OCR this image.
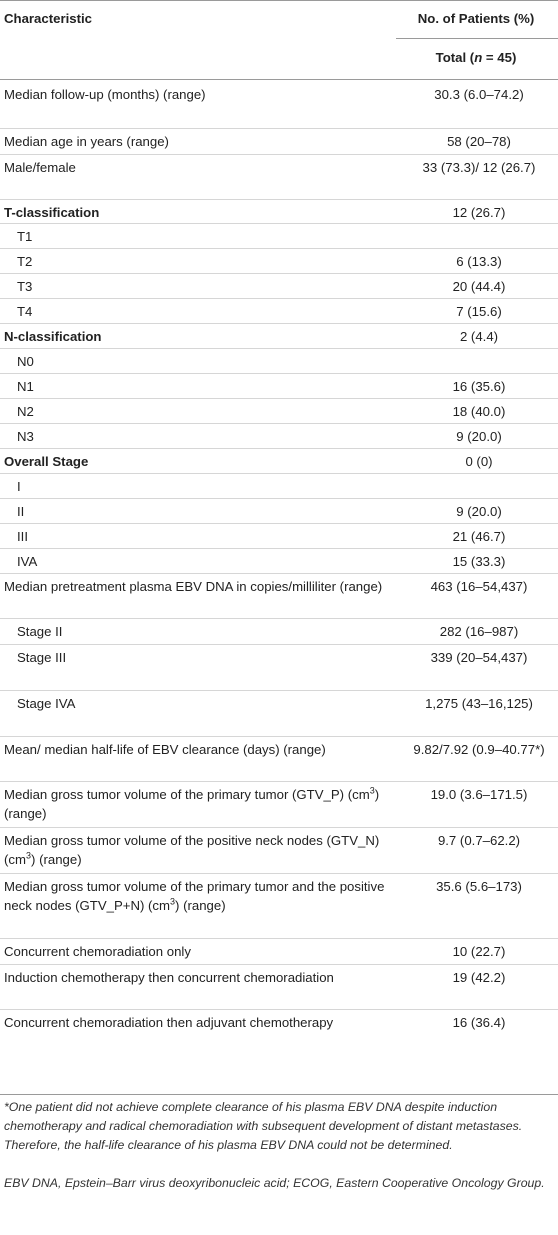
Characteristic	No. of Patients (%)
Total (n = 45)
Median follow-up (months) (range)	30.3 (6.0–74.2)
Median age in years (range)	58 (20–78)
Male/female	33 (73.3)/ 12 (26.7)
T-classification	12 (26.7)
T1	
T2	6 (13.3)
T3	20 (44.4)
T4	7 (15.6)
N-classification	2 (4.4)
N0	
N1	16 (35.6)
N2	18 (40.0)
N3	9 (20.0)
Overall Stage	0 (0)
I	
II	9 (20.0)
III	21 (46.7)
IVA	15 (33.3)
Median pretreatment plasma EBV DNA in copies/milliliter (range)	463 (16–54,437)
Stage II	282 (16–987)
Stage III	339 (20–54,437)
Stage IVA	1,275 (43–16,125)
Mean/ median half-life of EBV clearance (days) (range)	9.82/7.92 (0.9–40.77*)
Median gross tumor volume of the primary tumor (GTV_P) $(cm^3)$ (range)	19.0 (3.6–171.5)
Median gross tumor volume of the positive neck nodes (GTV_N) $(cm^3)$ (range)	9.7 (0.7–62.2)
Median gross tumor volume of the primary tumor and the positive neck nodes (GTV_P+N) $(cm^3)$ (range)	35.6 (5.6–173)
Concurrent chemoradiation only	10 (22.7)
Induction chemotherapy then concurrent chemoradiation	19 (42.2)
Concurrent chemoradiation then adjuvant chemotherapy	16 (36.4)
*One patient did not achieve complete clearance of his plasma EBV DNA despite induction chemotherapy and radical chemoradiation with subsequent development of distant metastases. Therefore, the half-life clearance of his plasma EBV DNA could not be determined.
EBV DNA, Epstein–Barr virus deoxyribonucleic acid; ECOG, Eastern Cooperative Oncology Group.
